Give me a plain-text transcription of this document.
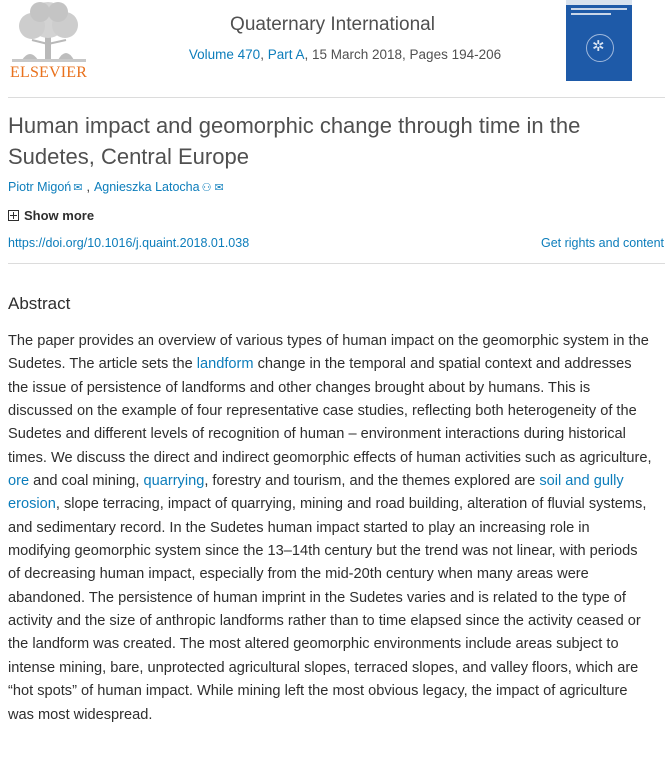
ELSEVIER
Quaternary International
Volume 470, Part A, 15 March 2018, Pages 194-206
✲
Human impact and geomorphic change through time in the Sudetes, Central Europe
Piotr Migoń ✉ , Agnieszka Latocha ⚇ ✉
Show more
https://doi.org/10.1016/j.quaint.2018.01.038	Get rights and content
Abstract

The paper provides an overview of various types of human impact on the geomorphic system in the Sudetes. The article sets the landform change in the temporal and spatial context and addresses the issue of persistence of landforms and other changes brought about by humans. This is discussed on the example of four representative case studies, reflecting both heterogeneity of the Sudetes and different levels of recognition of human – environment interactions during historical times. We discuss the direct and indirect geomorphic effects of human activities such as agriculture, ore and coal mining, quarrying, forestry and tourism, and the themes explored are soil and gully erosion, slope terracing, impact of quarrying, mining and road building, alteration of fluvial systems, and sedimentary record. In the Sudetes human impact started to play an increasing role in modifying geomorphic system since the 13–14th century but the trend was not linear, with periods of decreasing human impact, especially from the mid-20th century when many areas were abandoned. The persistence of human imprint in the Sudetes varies and is related to the type of activity and the size of anthropic landforms rather than to time elapsed since the activity ceased or the landform was created. The most altered geomorphic environments include areas subject to intense mining, bare, unprotected agricultural slopes, terraced slopes, and valley floors, which are “hot spots” of human impact. While mining left the most obvious legacy, the impact of agriculture was most widespread.
